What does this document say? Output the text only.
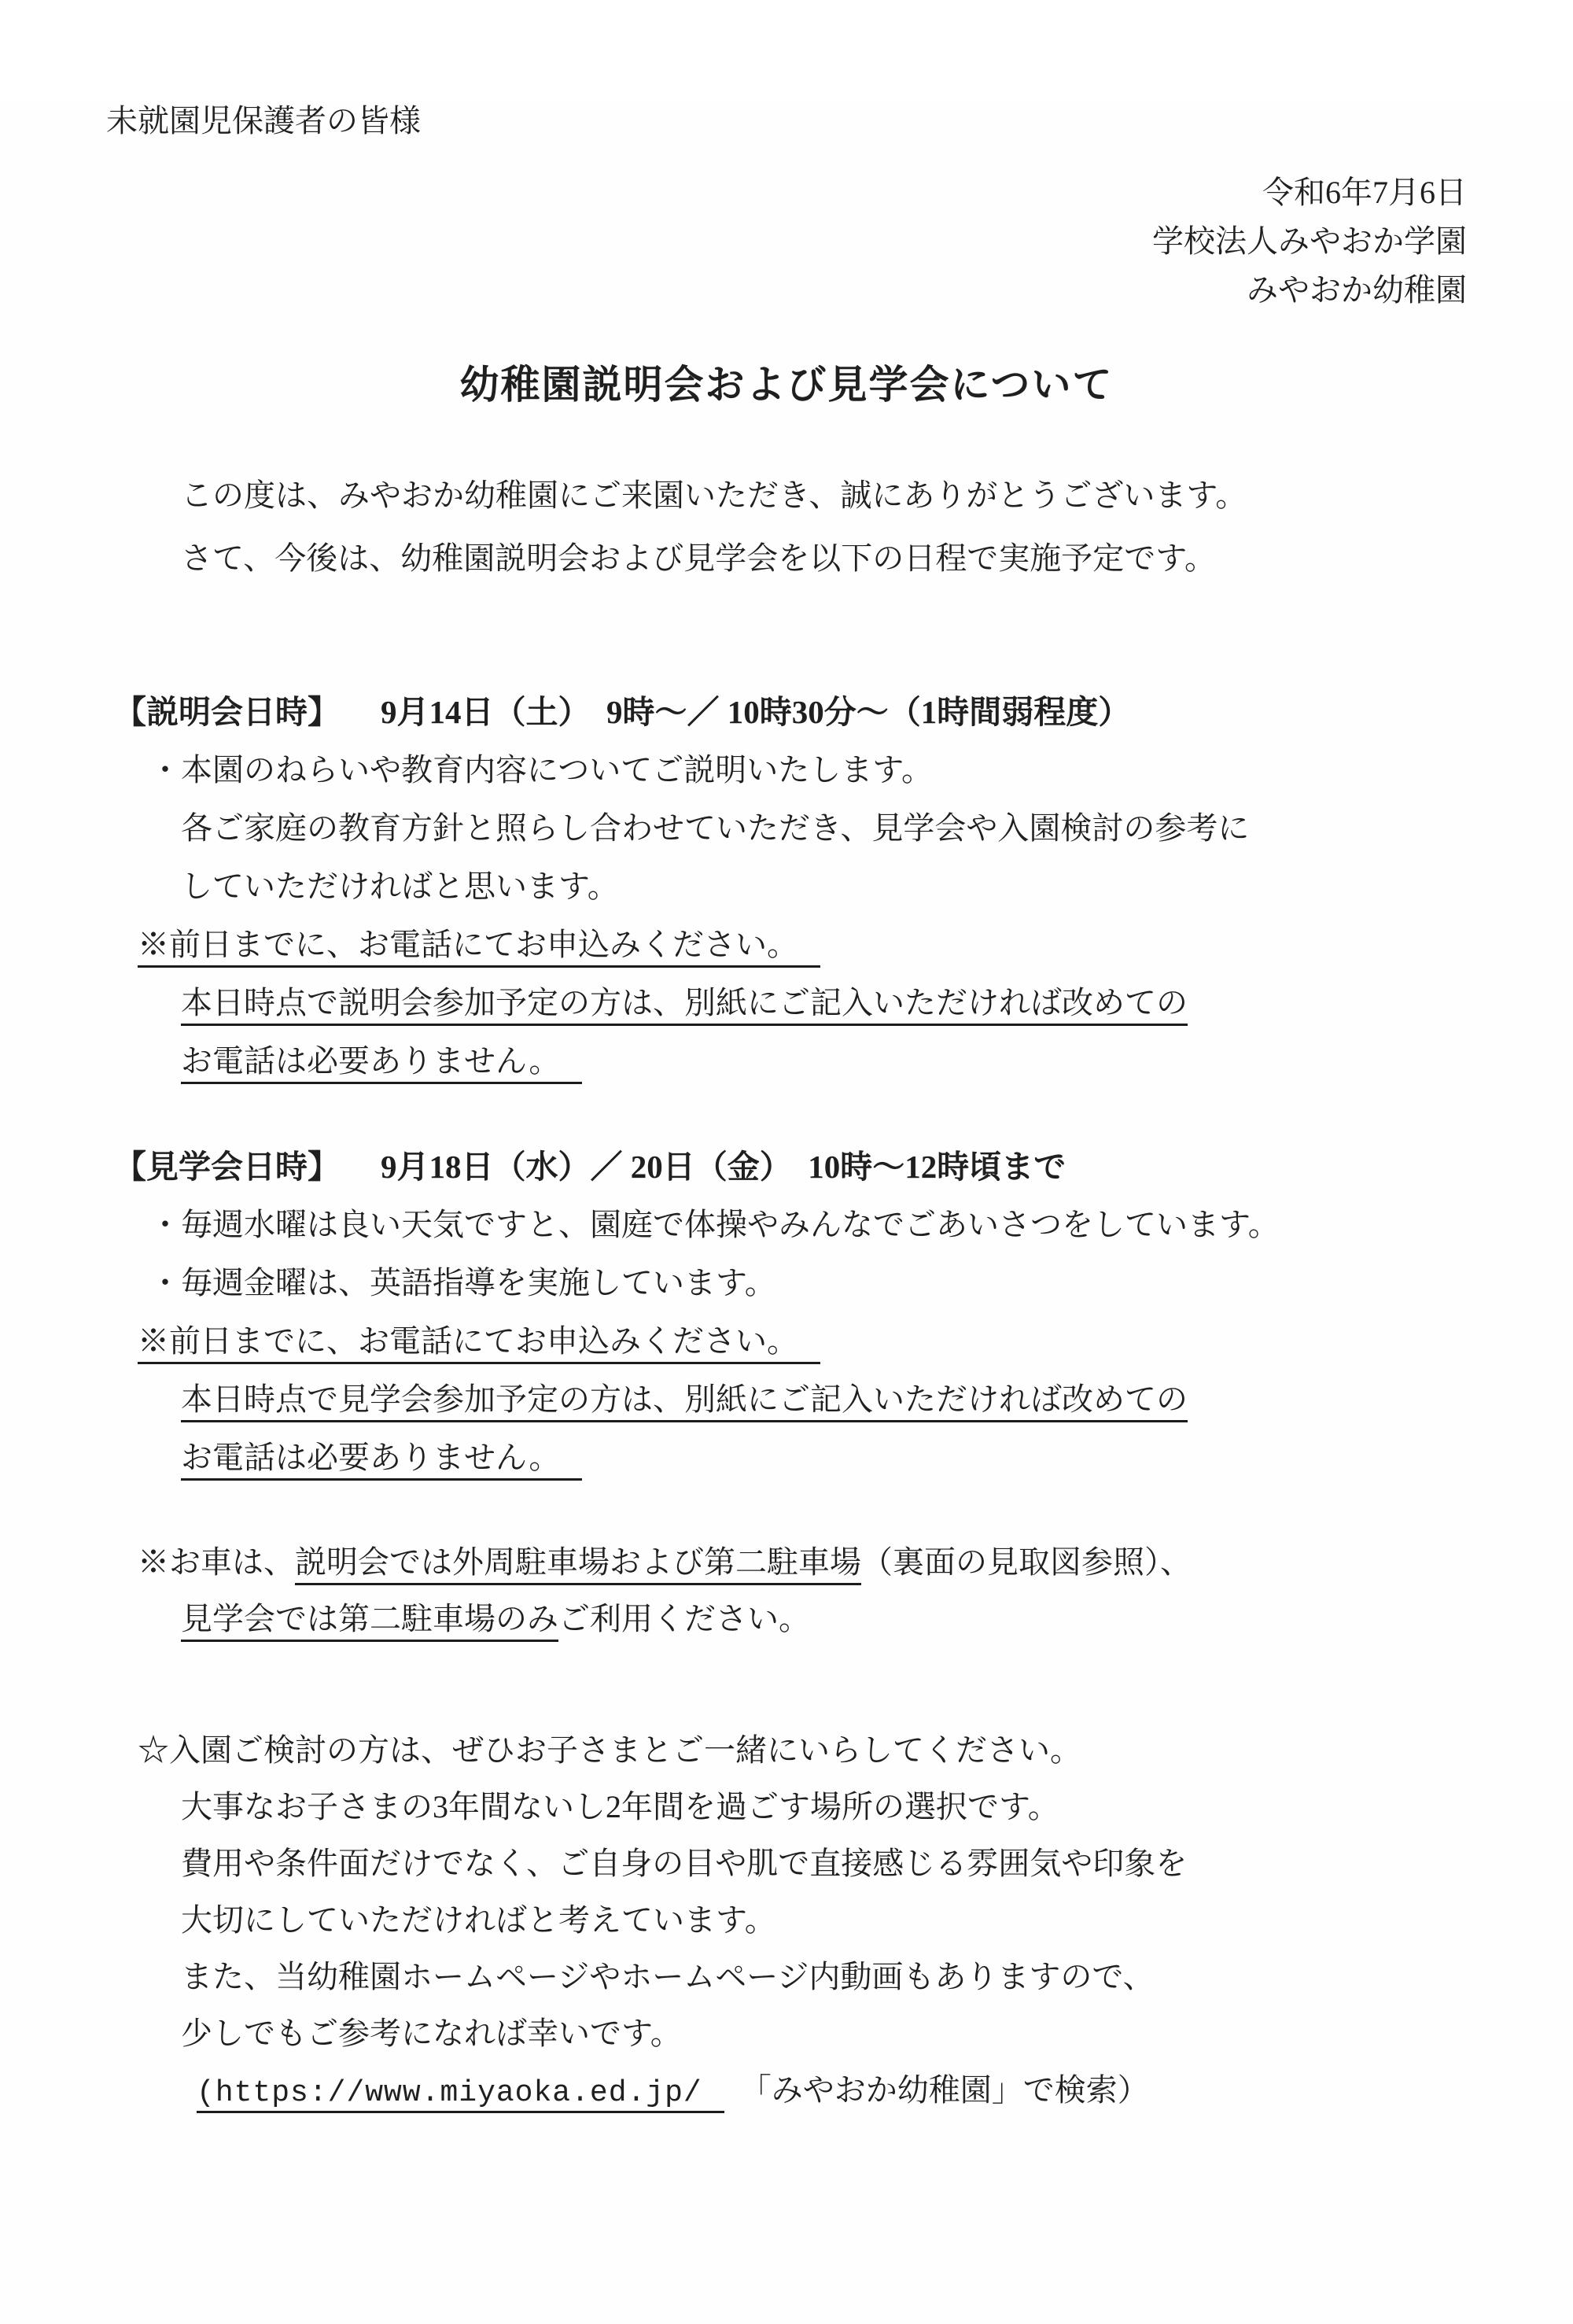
未就園児保護者の皆様

令和6年7月6日

学校法人みやおか学園

みやおか幼稚園

幼稚園説明会および見学会について

この度は、みやおか幼稚園にご来園いただき、誠にありがとうございます。

さて、今後は、幼稚園説明会および見学会を以下の日程で実施予定です。

【説明会日時】 9月14日（土）　9時～／ 10時30分～（1時間弱程度）

・本園のねらいや教育内容についてご説明いたします。

各ご家庭の教育方針と照らし合わせていただき、見学会や入園検討の参考に

していただければと思います。

※前日までに、お電話にてお申込みください。

本日時点で説明会参加予定の方は、別紙にご記入いただければ改めての

お電話は必要ありません。

【見学会日時】 9月18日（水）／ 20日（金）　10時～12時頃まで

・毎週水曜は良い天気ですと、園庭で体操やみんなでごあいさつをしています。

・毎週金曜は、英語指導を実施しています。

※前日までに、お電話にてお申込みください。

本日時点で見学会参加予定の方は、別紙にご記入いただければ改めての

お電話は必要ありません。

※お車は、説明会では外周駐車場および第二駐車場（裏面の見取図参照）、

見学会では第二駐車場のみご利用ください。

☆入園ご検討の方は、ぜひお子さまとご一緒にいらしてください。

大事なお子さまの3年間ないし2年間を過ごす場所の選択です。

費用や条件面だけでなく、ご自身の目や肌で直接感じる雰囲気や印象を

大切にしていただければと考えています。

また、当幼稚園ホームページやホームページ内動画もありますので、

少しでもご参考になれば幸いです。

(https://www.miyaoka.ed.jp/　「みやおか幼稚園」で検索）
